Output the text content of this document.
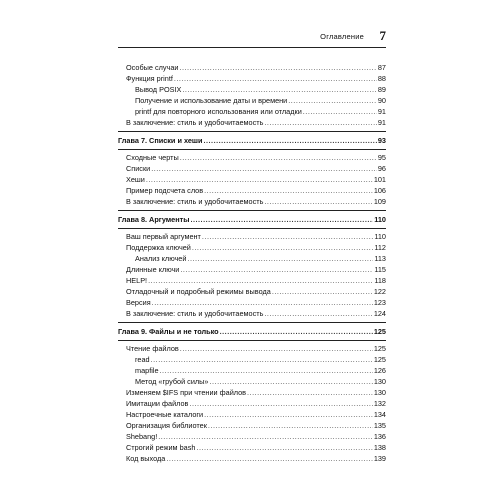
Оглавление 7
Особые случаи .....	87
Функция printf .....	88
Вывод POSIX .....	89
Получение и использование даты и времени .....	90
printf для повторного использования или отладки .....	91
В заключение: стиль и удобочитаемость .....	91
Глава 7. Списки и хеши .....	93
Сходные черты .....	95
Списки .....	96
Хеши .....	101
Пример подсчета слов .....	106
В заключение: стиль и удобочитаемость .....	109
Глава 8. Аргументы .....	110
Ваш первый аргумент .....	110
Поддержка ключей .....	112
Анализ ключей .....	113
Длинные ключи .....	115
HELP! .....	118
Отладочный и подробный режимы вывода .....	122
Версия .....	123
В заключение: стиль и удобочитаемость .....	124
Глава 9. Файлы и не только .....	125
Чтение файлов .....	125
read .....	125
mapfile .....	126
Метод «грубой силы» .....	130
Изменяем $IFS при чтении файлов .....	130
Имитации файлов .....	132
Настроечные каталоги .....	134
Организация библиотек .....	135
Shebang! .....	136
Строгий режим bash .....	138
Код выхода .....	139
